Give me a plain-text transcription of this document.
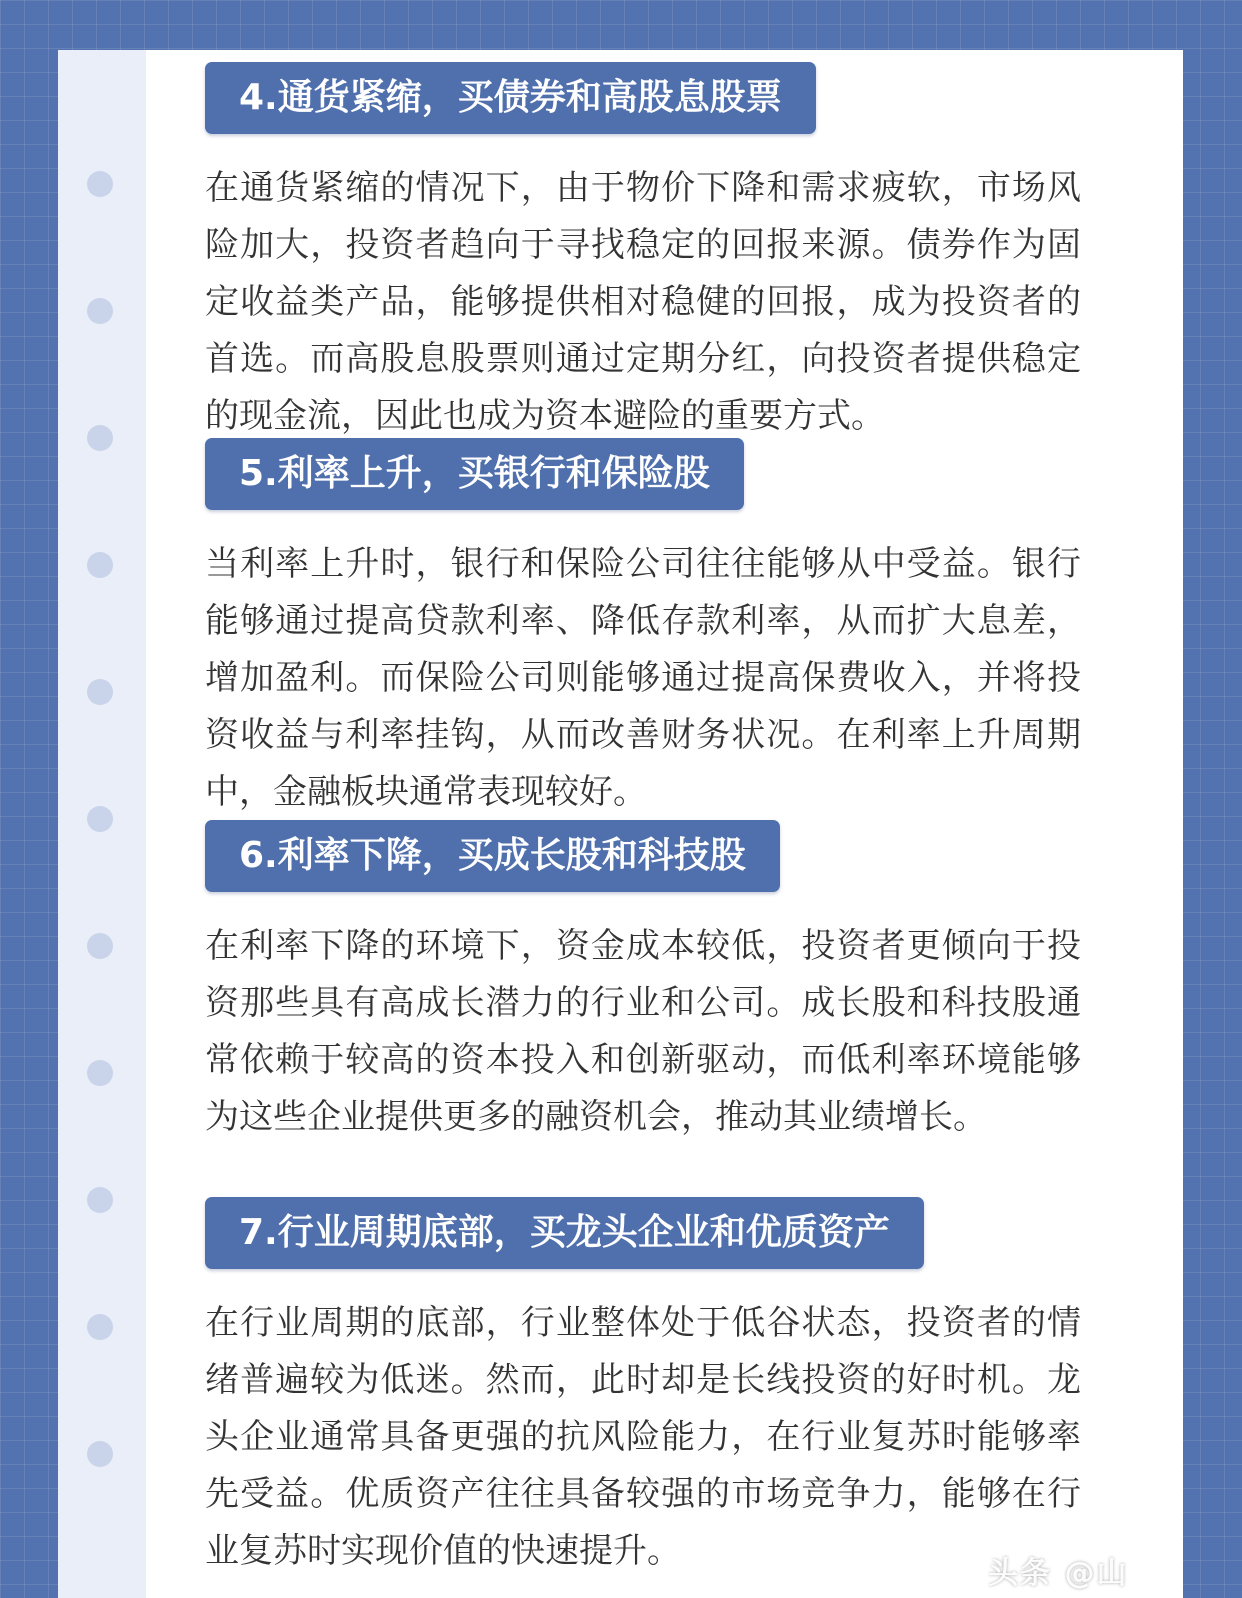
4.通货紧缩，买债券和高股息股票

在通货紧缩的情况下，由于物价下降和需求疲软，市场风险加大，投资者趋向于寻找稳定的回报来源。债券作为固定收益类产品，能够提供相对稳健的回报，成为投资者的首选。而高股息股票则通过定期分红，向投资者提供稳定的现金流，因此也成为资本避险的重要方式。

5.利率上升，买银行和保险股

当利率上升时，银行和保险公司往往能够从中受益。银行能够通过提高贷款利率、降低存款利率，从而扩大息差，增加盈利。而保险公司则能够通过提高保费收入，并将投资收益与利率挂钩，从而改善财务状况。在利率上升周期中，金融板块通常表现较好。

6.利率下降，买成长股和科技股

在利率下降的环境下，资金成本较低，投资者更倾向于投资那些具有高成长潜力的行业和公司。成长股和科技股通常依赖于较高的资本投入和创新驱动，而低利率环境能够为这些企业提供更多的融资机会，推动其业绩增长。

7.行业周期底部，买龙头企业和优质资产

在行业周期的底部，行业整体处于低谷状态，投资者的情绪普遍较为低迷。然而，此时却是长线投资的好时机。龙头企业通常具备更强的抗风险能力，在行业复苏时能够率先受益。优质资产往往具备较强的市场竞争力，能够在行业复苏时实现价值的快速提升。

头条 @山
